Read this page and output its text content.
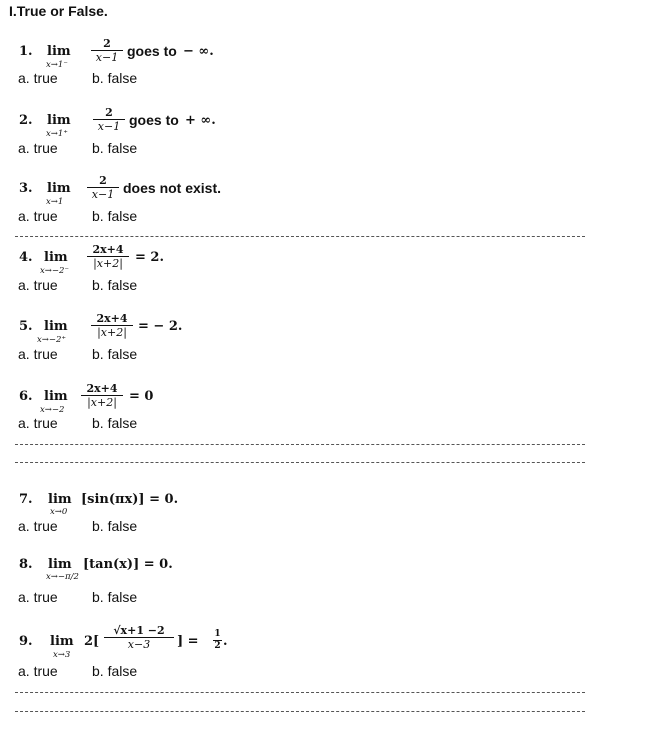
I.True or False.
1. lim
x→1⁻
2
x−1 goes to − ∞.
a. true b. false
2. lim
x→1⁺
2
x−1 goes to + ∞.
a. true b. false
3. lim
x→1
2
x−1 does not exist.
a. true b. false
4. lim
x→−2⁻
2x+4
|x+2| = 2.
a. true b. false
5. lim
x→−2⁺
2x+4
|x+2| = − 2.
a. true b. false
6. lim
x→−2
2x+4
|x+2| = 0
a. true b. false
7. lim
x→0
[sin(πx)] = 0.
a. true b. false
8. lim
x→−π/2
[tan(x)] = 0.
a. true b. false
9. lim
x→3
2[
√x+1 −2
x−3	] = 1
2 .
a. true b. false
